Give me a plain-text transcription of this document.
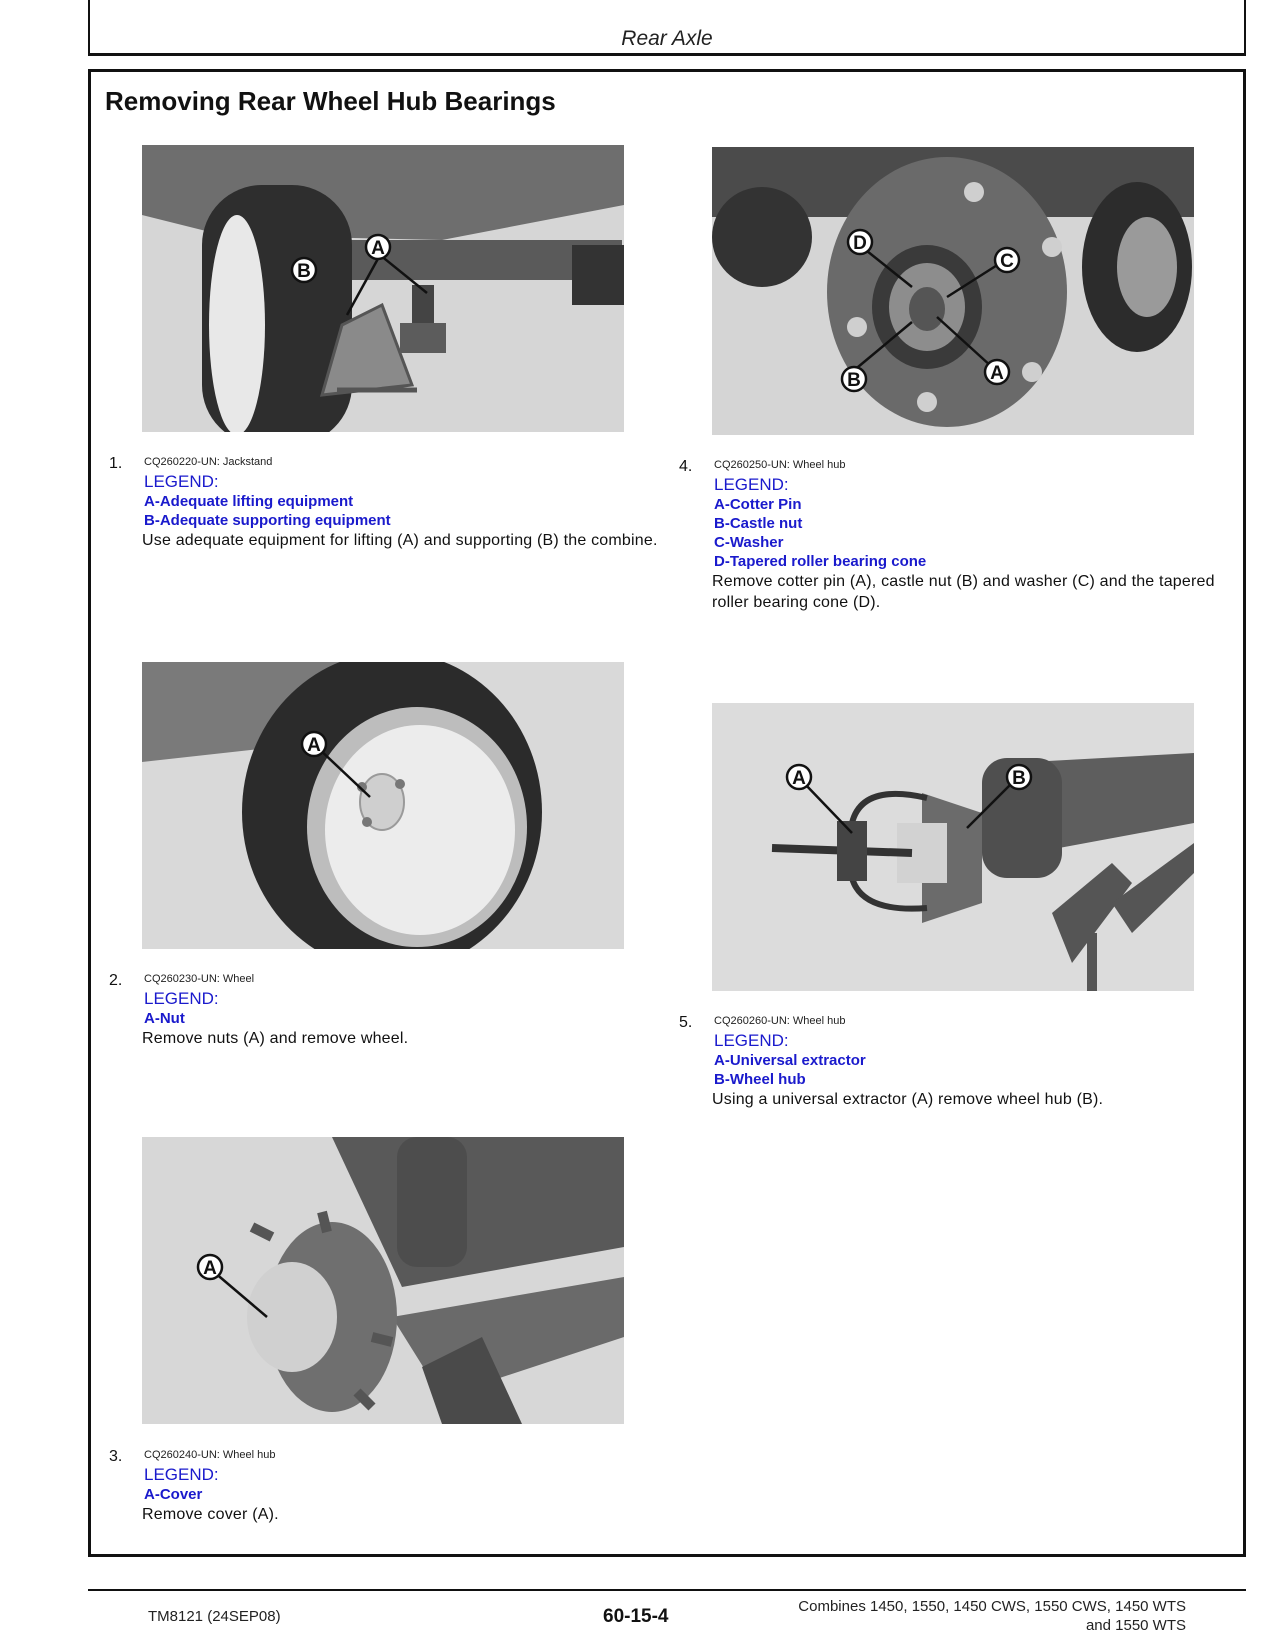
Rear Axle
Removing Rear Wheel Hub Bearings
A
B
1. CQ260220-UN: Jackstand
LEGEND:
A-Adequate lifting equipment
B-Adequate supporting equipment
Use adequate equipment for lifting (A) and supporting (B) the combine.
A
2. CQ260230-UN: Wheel
LEGEND:
A-Nut
Remove nuts (A) and remove wheel.
A
3. CQ260240-UN: Wheel hub
LEGEND:
A-Cover
Remove cover (A).
D
C
A
B
4. CQ260250-UN: Wheel hub
LEGEND:
A-Cotter Pin
B-Castle nut
C-Washer
D-Tapered roller bearing cone
Remove cotter pin (A), castle nut (B) and washer (C) and the tapered roller bearing cone (D).
A	B
5. CQ260260-UN: Wheel hub
LEGEND:
A-Universal extractor
B-Wheel hub
Using a universal extractor (A) remove wheel hub (B).
TM8121 (24SEP08)	60-15-4	Combines 1450, 1550, 1450 CWS, 1550 CWS, 1450 WTS
and 1550 WTS
